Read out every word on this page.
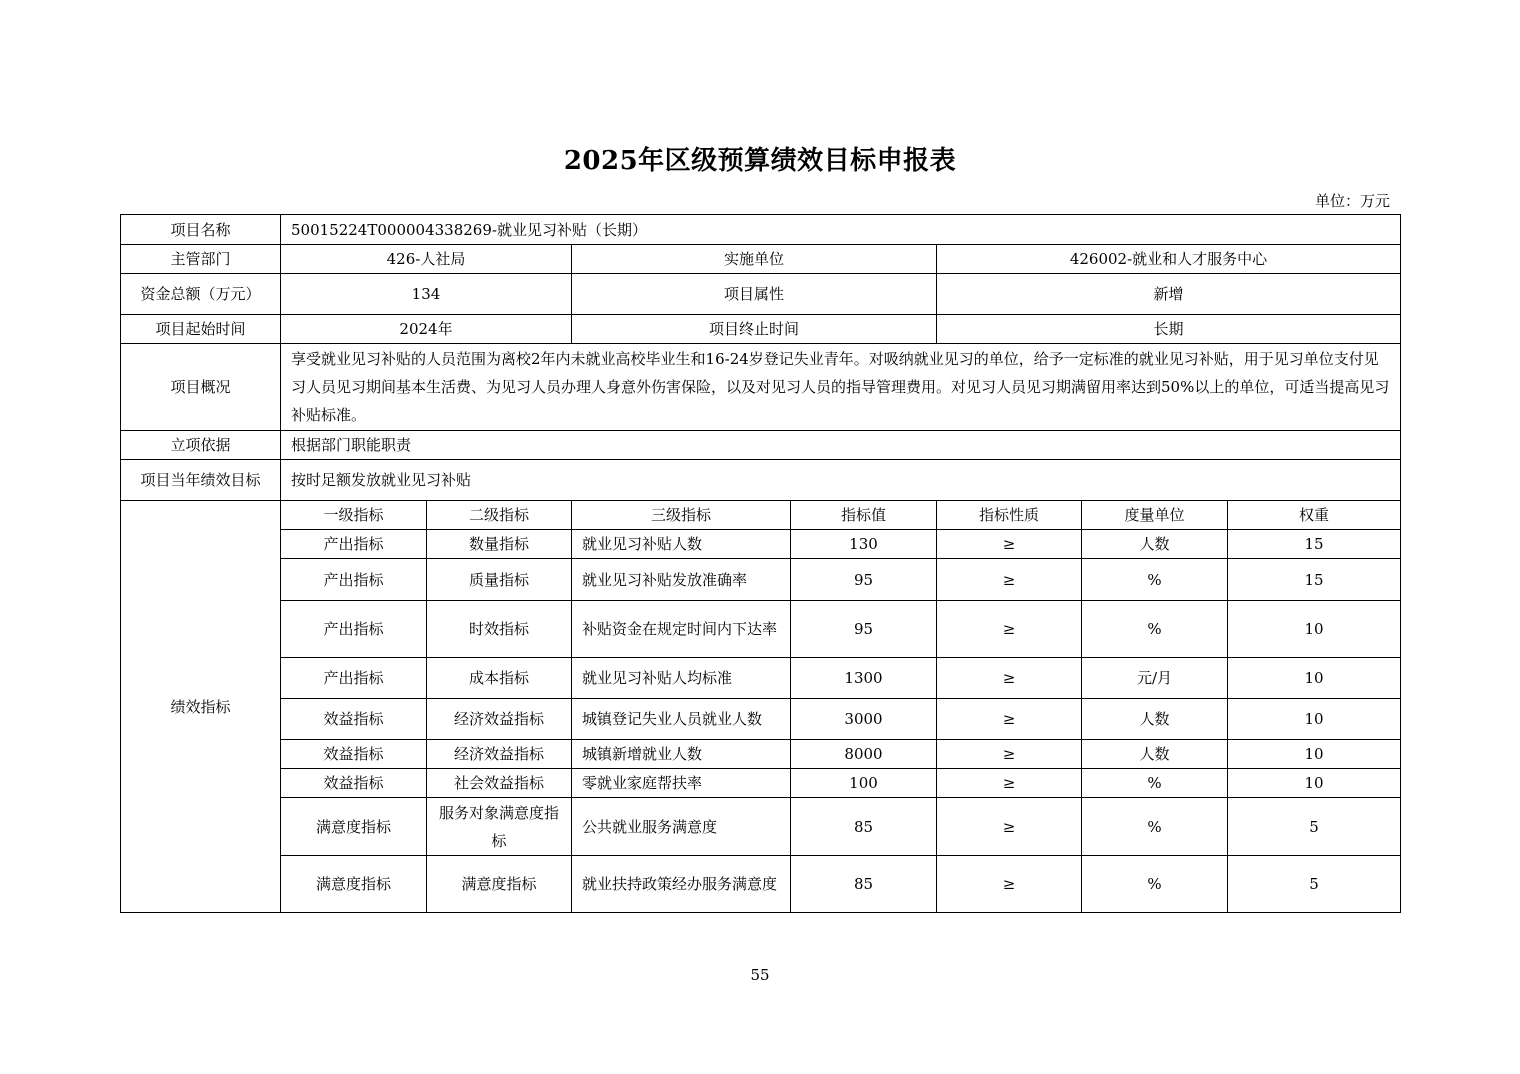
2025年区级预算绩效目标申报表
单位：万元
项目名称	50015224T000004338269-就业见习补贴（长期）						
主管部门	426-人社局		实施单位		426002-就业和人才服务中心		
资金总额（万元）	134		项目属性		新增		
项目起始时间	2024年		项目终止时间		长期		
项目概况	享受就业见习补贴的人员范围为离校2年内未就业高校毕业生和16-24岁登记失业青年。对吸纳就业见习的单位，给予一定标准的就业见习补贴，用于见习单位支付见习人员见习期间基本生活费、为见习人员办理人身意外伤害保险，以及对见习人员的指导管理费用。对见习人员见习期满留用率达到50%以上的单位，可适当提高见习补贴标准。						
立项依据	根据部门职能职责						
项目当年绩效目标	按时足额发放就业见习补贴						
绩效指标	一级指标	二级指标	三级指标	指标值	指标性质	度量单位	权重
	产出指标	数量指标	就业见习补贴人数	130	≥	人数	15
	产出指标	质量指标	就业见习补贴发放准确率	95	≥	%	15
	产出指标	时效指标	补贴资金在规定时间内下达率	95	≥	%	10
	产出指标	成本指标	就业见习补贴人均标准	1300	≥	元/月	10
	效益指标	经济效益指标	城镇登记失业人员就业人数	3000	≥	人数	10
	效益指标	经济效益指标	城镇新增就业人数	8000	≥	人数	10
	效益指标	社会效益指标	零就业家庭帮扶率	100	≥	%	10
	满意度指标	服务对象满意度指标	公共就业服务满意度	85	≥	%	5
	满意度指标	满意度指标	就业扶持政策经办服务满意度	85	≥	%	5
55
